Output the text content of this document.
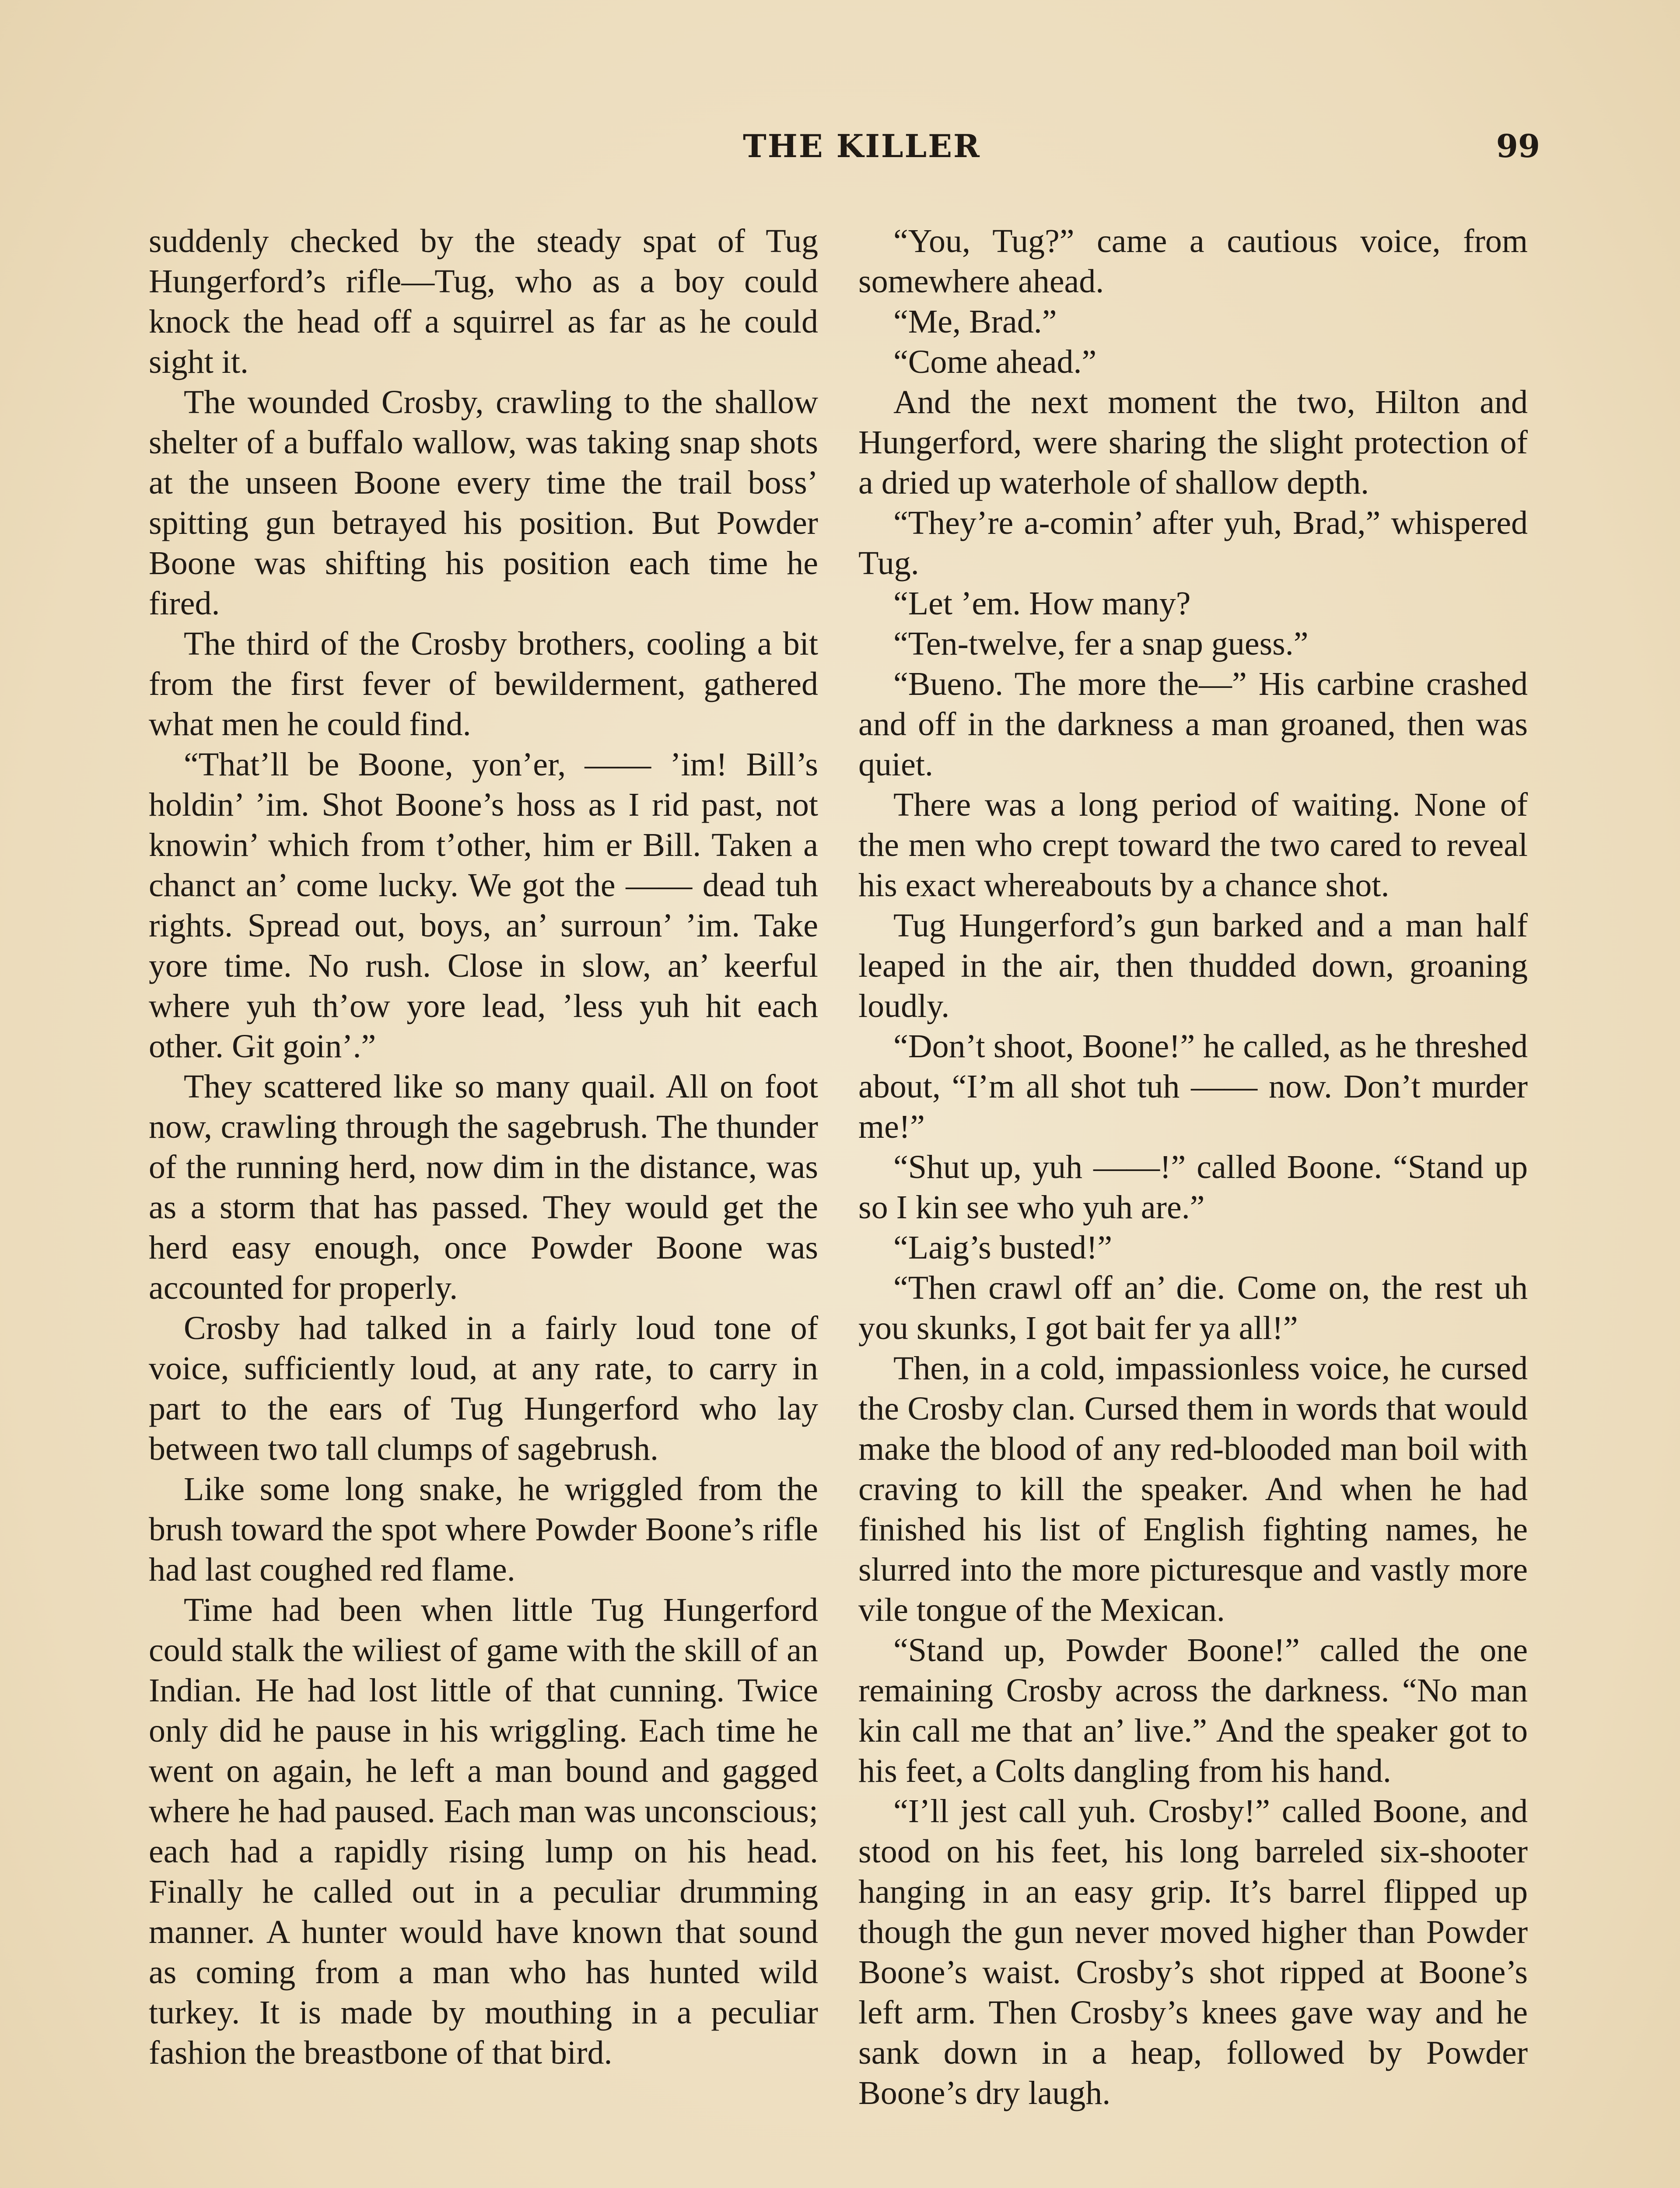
THE KILLER	99

suddenly checked by the steady spat of Tug Hungerford’s rifle—Tug, who as a boy could knock the head off a squirrel as far as he could sight it.

The wounded Crosby, crawling to the shallow shelter of a buffalo wallow, was taking snap shots at the unseen Boone every time the trail boss’ spitting gun betrayed his position. But Powder Boone was shifting his position each time he fired.

The third of the Crosby brothers, cooling a bit from the first fever of bewilderment, gathered what men he could find.

“That’ll be Boone, yon’er, —— ’im! Bill’s holdin’ ’im. Shot Boone’s hoss as I rid past, not knowin’ which from t’other, him er Bill. Taken a chanct an’ come lucky. We got the —— dead tuh rights. Spread out, boys, an’ surroun’ ’im. Take yore time. No rush. Close in slow, an’ keerful where yuh th’ow yore lead, ’less yuh hit each other. Git goin’.”

They scattered like so many quail. All on foot now, crawling through the sagebrush. The thunder of the running herd, now dim in the distance, was as a storm that has passed. They would get the herd easy enough, once Powder Boone was accounted for properly.

Crosby had talked in a fairly loud tone of voice, sufficiently loud, at any rate, to carry in part to the ears of Tug Hungerford who lay between two tall clumps of sagebrush.

Like some long snake, he wriggled from the brush toward the spot where Powder Boone’s rifle had last coughed red flame.

Time had been when little Tug Hungerford could stalk the wiliest of game with the skill of an Indian. He had lost little of that cunning. Twice only did he pause in his wriggling. Each time he went on again, he left a man bound and gagged where he had paused. Each man was unconscious; each had a rapidly rising lump on his head. Finally he called out in a peculiar drumming manner. A hunter would have known that sound as coming from a man who has hunted wild turkey. It is made by mouthing in a peculiar fashion the breastbone of that bird.

“You, Tug?” came a cautious voice, from somewhere ahead.

“Me, Brad.”

“Come ahead.”

And the next moment the two, Hilton and Hungerford, were sharing the slight protection of a dried up waterhole of shallow depth.

“They’re a-comin’ after yuh, Brad,” whispered Tug.

“Let ’em. How many?

“Ten-twelve, fer a snap guess.”

“Bueno. The more the—” His carbine crashed and off in the darkness a man groaned, then was quiet.

There was a long period of waiting. None of the men who crept toward the two cared to reveal his exact whereabouts by a chance shot.

Tug Hungerford’s gun barked and a man half leaped in the air, then thudded down, groaning loudly.

“Don’t shoot, Boone!” he called, as he threshed about, “I’m all shot tuh —— now. Don’t murder me!”

“Shut up, yuh ——!” called Boone. “Stand up so I kin see who yuh are.”

“Laig’s busted!”

“Then crawl off an’ die. Come on, the rest uh you skunks, I got bait fer ya all!”

Then, in a cold, impassionless voice, he cursed the Crosby clan. Cursed them in words that would make the blood of any red-blooded man boil with craving to kill the speaker. And when he had finished his list of English fighting names, he slurred into the more picturesque and vastly more vile tongue of the Mexican.

“Stand up, Powder Boone!” called the one remaining Crosby across the darkness. “No man kin call me that an’ live.” And the speaker got to his feet, a Colts dangling from his hand.

“I’ll jest call yuh. Crosby!” called Boone, and stood on his feet, his long barreled six-shooter hanging in an easy grip. It’s barrel flipped up though the gun never moved higher than Powder Boone’s waist. Crosby’s shot ripped at Boone’s left arm. Then Crosby’s knees gave way and he sank down in a heap, followed by Powder Boone’s dry laugh.
